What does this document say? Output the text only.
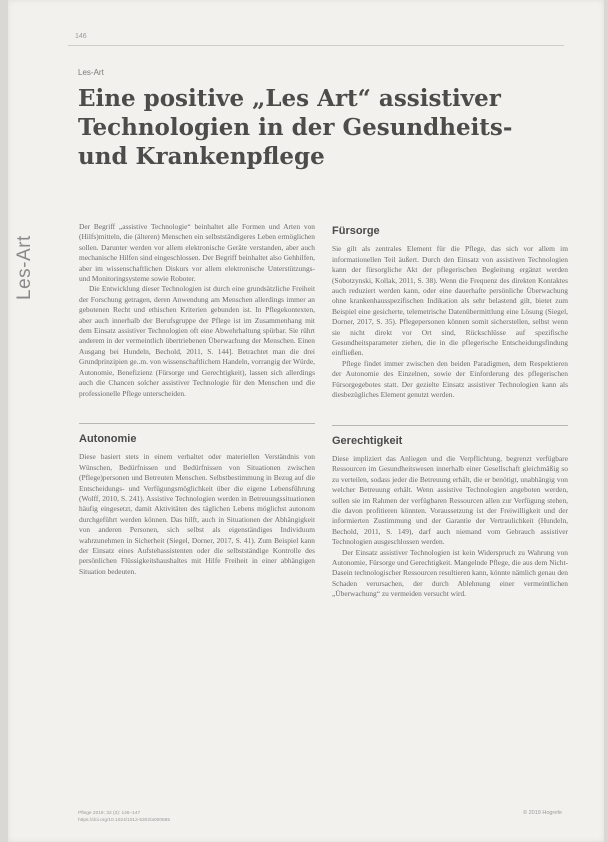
146
Les-Art
Les-Art
Eine positive „Les Art“ assistiver Technologien in der Gesundheits- und Krankenpflege

Der Begriff „assistive Technologie“ beinhaltet alle Formen und Arten von (Hilfs)mitteln, die (älteren) Menschen ein selbstständigeres Leben ermöglichen sollen. Darunter werden vor allem elektronische Geräte verstanden, aber auch mechanische Hilfen sind eingeschlossen. Der Begriff beinhaltet also Gehhilfen, aber im wissenschaftlichen Diskurs vor allem elektronische Unterstützungs- und Monitoringsysteme sowie Roboter.

Die Entwicklung dieser Technologien ist durch eine grundsätzliche Freiheit der Forschung getragen, deren Anwendung am Menschen allerdings immer an gebotenen Recht und ethischen Kriterien gebunden ist. In Pflegekontexten, aber auch innerhalb der Berufsgruppe der Pflege ist im Zusammenhang mit dem Einsatz assistiver Technologien oft eine Abwehrhaltung spürbar. Sie rührt anderem in der vermeintlich übertriebenen Überwachung der Menschen. Einen Ausgang bei Hundeln, Bechold, 2011, S. 144]. Betrachtet man die drei Grundprinzipien ge..m. von wissenschaftlichem Handeln, vorrangig der Würde, Autonomie, Benefizienz (Fürsorge und Gerechtigkeit), lassen sich allerdings auch die Chancen solcher assistiver Technologie für den Menschen und die professionelle Pflege unterscheiden.

Autonomie

Diese basiert stets in einem verhaltet oder materiellen Verständnis von Wünschen, Bedürfnissen und Bedürfnissen von Situationen zwischen (Pflege)personen und Betreuten Menschen. Selbstbestimmung in Bezug auf die Entscheidungs- und Verfügungsmöglichkeit über die eigene Lebensführung (Wolff, 2010, S. 241). Assistive Technologien werden in Betreuungssituationen häufig eingesetzt, damit Aktivitäten des täglichen Lebens möglichst autonom durchgeführt werden können. Das hilft, auch in Situationen der Abhängigkeit von anderen Personen, sich selbst als eigenständiges Individuum wahrzunehmen in Sicherheit (Siegel, Dorner, 2017, S. 41). Zum Beispiel kann der Einsatz eines Aufstehassistenten oder die selbstständige Kontrolle des persönlichen Flüssigkeitshaushaltes mit Hilfe Freiheit in einer abhängigen Situation bedeuten.

Fürsorge

Sie gilt als zentrales Element für die Pflege, das sich vor allem im informationellen Teil äußert. Durch den Einsatz von assistiven Technologien kann der fürsorgliche Akt der pflegerischen Begleitung ergänzt werden (Sobotzynski, Kollak, 2011, S. 38). Wenn die Frequenz des direkten Kontaktes auch reduziert werden kann, oder eine dauerhafte persönliche Überwachung ohne krankenhausspezifischen Indikation als sehr belastend gilt, bietet zum Beispiel eine gesicherte, telemetrische Datenübermittlung eine Lösung (Siegel, Dorner, 2017, S. 35). Pflegepersonen können somit sicherstellen, selbst wenn sie nicht direkt vor Ort sind, Rückschlüsse auf spezifische Gesundheitsparameter ziehen, die in die pflegerische Entscheidungsfindung einfließen.

Pflege findet immer zwischen den beiden Paradigmen, dem Respektieren der Autonomie des Einzelnen, sowie der Einforderung des pflegerischen Fürsorgegebotes statt. Der gezielte Einsatz assistiver Technologien kann als diesbezügliches Element genutzt werden.

Gerechtigkeit

Diese impliziert das Anliegen und die Verpflichtung, begrenzt verfügbare Ressourcen im Gesundheitswesen innerhalb einer Gesellschaft gleichmäßig so zu verteilen, sodass jeder die Betreuung erhält, die er benötigt, unabhängig von welcher Betreuung erhält. Wenn assistive Technologien angeboten werden, sollen sie im Rahmen der verfügbaren Ressourcen allen zur Verfügung stehen, die davon profitieren könnten. Voraussetzung ist der Freiwilligkeit und der informierten Zustimmung und der Garantie der Vertraulichkeit (Hundeln, Bechold, 2011, S. 149), darf auch niemand vom Gebrauch assistiver Technologien ausgeschlossen werden.

Der Einsatz assistiver Technologien ist kein Widerspruch zu Wahrung von Autonomie, Fürsorge und Gerechtigkeit. Mangelnde Pflege, die aus dem Nicht-Dasein technologischer Ressourcen resultieren kann, könnte nämlich genau den Schaden verursachen, der durch Ablehnung einer vermeintlichen „Überwachung“ zu vermeiden versucht wird.

Pflege 2019; 32 (3): 146–147
https://doi.org/10.1024/1012-5302/a000685
© 2019 Hogrefe
